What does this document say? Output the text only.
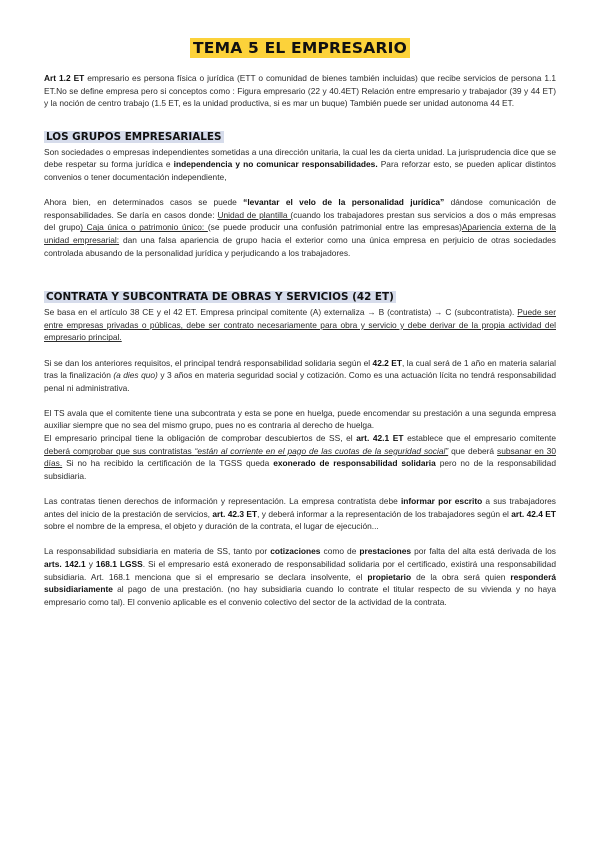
TEMA 5 EL EMPRESARIO

Art 1.2 ET empresario es persona física o jurídica (ETT o comunidad de bienes también incluidas) que recibe servicios de persona 1.1 ET.No se define empresa pero si conceptos como : Figura empresario (22 y 40.4ET) Relación entre empresario y trabajador (39 y 44 ET) y la noción de centro trabajo (1.5 ET, es la unidad productiva, si es mar un buque) También puede ser unidad autonoma 44 ET.

LOS GRUPOS EMPRESARIALES

Son sociedades o empresas independientes sometidas a una dirección unitaria, la cual les da cierta unidad. La jurisprudencia dice que se debe respetar su forma jurídica e independencia y no comunicar responsabilidades. Para reforzar esto, se pueden aplicar distintos convenios o tener documentación independiente,

Ahora bien, en determinados casos se puede “levantar el velo de la personalidad jurídica” dándose comunicación de responsabilidades. Se daría en casos donde: Unidad de plantilla (cuando los trabajadores prestan sus servicios a dos o más empresas del grupo) Caja única o patrimonio único: (se puede producir una confusión patrimonial entre las empresas)Apariencia externa de la unidad empresarial: dan una falsa apariencia de grupo hacia el exterior como una única empresa en perjuicio de otras sociedades controlada abusando de la personalidad jurídica y perjudicando a los trabajadores.

CONTRATA Y SUBCONTRATA DE OBRAS Y SERVICIOS (42 ET)

Se basa en el artículo 38 CE y el 42 ET. Empresa principal comitente (A) externaliza → B (contratista) → C (subcontratista). Puede ser entre empresas privadas o públicas, debe ser contrato necesariamente para obra y servicio y debe derivar de la propia actividad del empresario principal.

Si se dan los anteriores requisitos, el principal tendrá responsabilidad solidaria según el 42.2 ET, la cual será de 1 año en materia salarial tras la finalización (a dies quo) y 3 años en materia seguridad social y cotización. Como es una actuación lícita no tendrá responsabilidad penal ni administrativa.

El TS avala que el comitente tiene una subcontrata y esta se pone en huelga, puede encomendar su prestación a una segunda empresa auxiliar siempre que no sea del mismo grupo, pues no es contraria al derecho de huelga.

El empresario principal tiene la obligación de comprobar descubiertos de SS, el art. 42.1 ET establece que el empresario comitente deberá comprobar que sus contratistas “están al corriente en el pago de las cuotas de la seguridad social” que deberá subsanar en 30 días. Si no ha recibido la certificación de la TGSS queda exonerado de responsabilidad solidaria pero no de la responsabilidad subsidiaria.

Las contratas tienen derechos de información y representación. La empresa contratista debe informar por escrito a sus trabajadores antes del inicio de la prestación de servicios, art. 42.3 ET, y deberá informar a la representación de los trabajadores según el art. 42.4 ET sobre el nombre de la empresa, el objeto y duración de la contrata, el lugar de ejecución...

La responsabilidad subsidiaria en materia de SS, tanto por cotizaciones como de prestaciones por falta del alta está derivada de los arts. 142.1 y 168.1 LGSS. Si el empresario está exonerado de responsabilidad solidaria por el certificado, existirá una responsabilidad subsidiaria. Art. 168.1 menciona que si el empresario se declara insolvente, el propietario de la obra será quien responderá subsidiariamente al pago de una prestación. (no hay subsidiaria cuando lo contrate el titular respecto de su vivienda y no haya empresario como tal). El convenio aplicable es el convenio colectivo del sector de la actividad de la contrata.
